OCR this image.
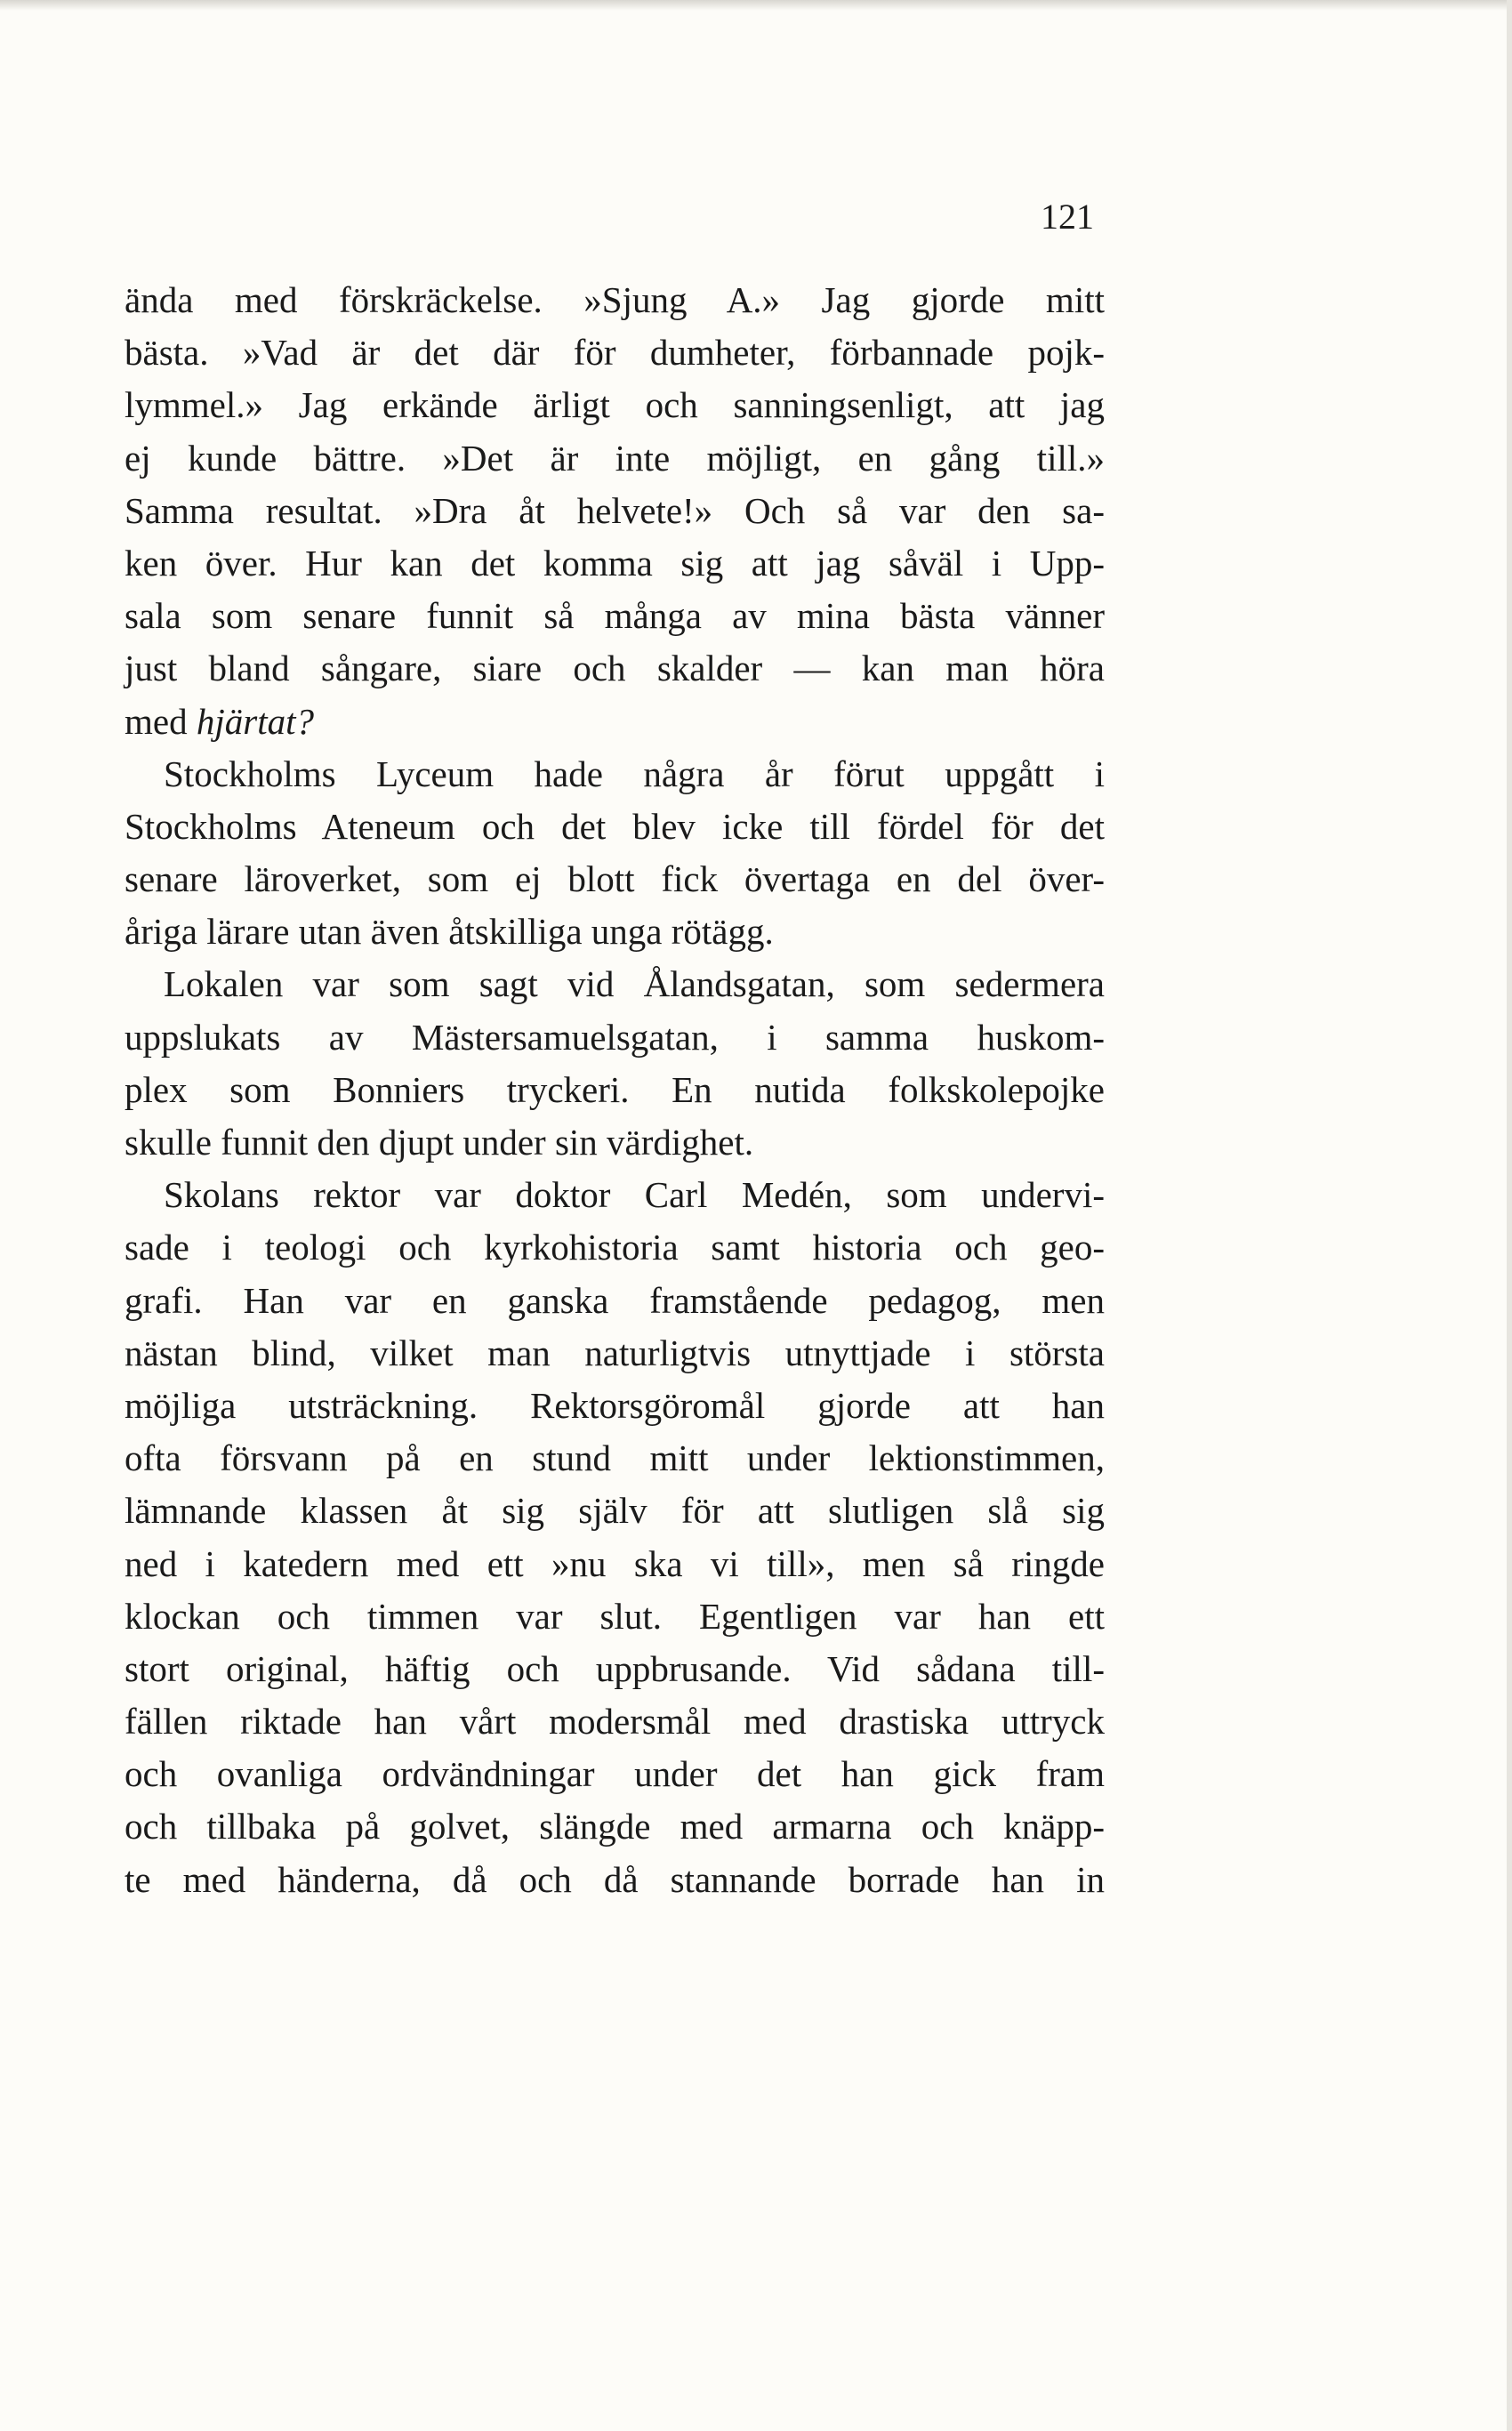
121

ända med förskräckelse. »Sjung A.» Jag gjorde mitt
bästa. »Vad är det där för dumheter, förbannade pojk-
lymmel.» Jag erkände ärligt och sanningsenligt, att jag
ej kunde bättre. »Det är inte möjligt, en gång till.»
Samma resultat. »Dra åt helvete!» Och så var den sa-
ken över. Hur kan det komma sig att jag såväl i Upp-
sala som senare funnit så många av mina bästa vänner
just bland sångare, siare och skalder — kan man höra
med hjärtat?
Stockholms Lyceum hade några år förut uppgått i
Stockholms Ateneum och det blev icke till fördel för det
senare läroverket, som ej blott fick övertaga en del över-
åriga lärare utan även åtskilliga unga rötägg.
Lokalen var som sagt vid Ålandsgatan, som sedermera
uppslukats av Mästersamuelsgatan, i samma huskom-
plex som Bonniers tryckeri. En nutida folkskolepojke
skulle funnit den djupt under sin värdighet.
Skolans rektor var doktor Carl Medén, som undervi-
sade i teologi och kyrkohistoria samt historia och geo-
grafi. Han var en ganska framstående pedagog, men
nästan blind, vilket man naturligtvis utnyttjade i största
möjliga utsträckning. Rektorsgöromål gjorde att han
ofta försvann på en stund mitt under lektionstimmen,
lämnande klassen åt sig själv för att slutligen slå sig
ned i katedern med ett »nu ska vi till», men så ringde
klockan och timmen var slut. Egentligen var han ett
stort original, häftig och uppbrusande. Vid sådana till-
fällen riktade han vårt modersmål med drastiska uttryck
och ovanliga ordvändningar under det han gick fram
och tillbaka på golvet, slängde med armarna och knäpp-
te med händerna, då och då stannande borrade han in
